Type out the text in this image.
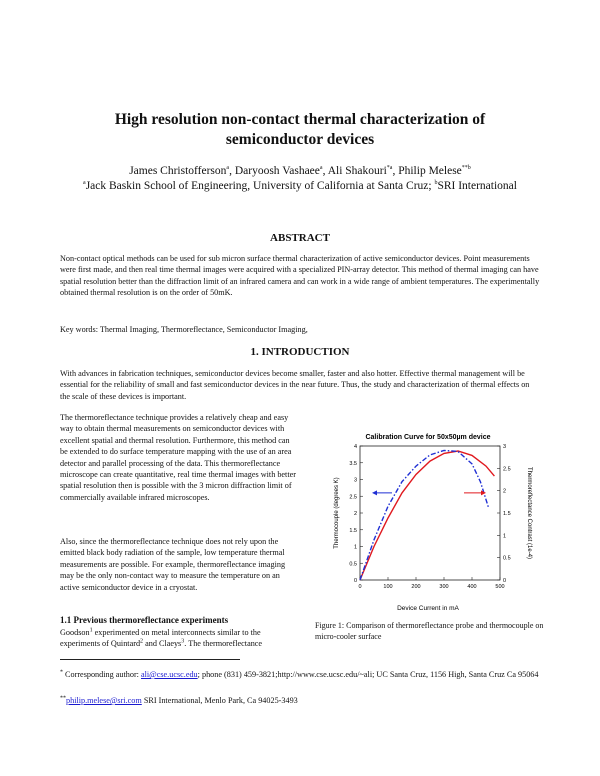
High resolution non-contact thermal characterization of
semiconductor devices
James Christofferson$^a$, Daryoosh Vashaee$^a$, Ali Shakouri$^{*a}$, Philip Melese$^{**b}$
$^a$Jack Baskin School of Engineering, University of California at Santa Cruz; $^b$SRI International
ABSTRACT
Non-contact optical methods can be used for sub micron surface thermal characterization of active semiconductor devices. Point measurements were first made, and then real time thermal images were acquired with a specialized PIN-array detector. This method of thermal imaging can have spatial resolution better than the diffraction limit of an infrared camera and can work in a wide range of ambient temperatures. The experimentally obtained thermal resolution is on the order of 50mK.
Key words: Thermal Imaging, Thermoreflectance, Semiconductor Imaging,
1. INTRODUCTION
With advances in fabrication techniques, semiconductor devices become smaller, faster and also hotter. Effective thermal management will be essential for the reliability of small and fast semiconductor devices in the near future. Thus, the study and characterization of thermal effects on the scale of these devices is important.
The thermoreflectance technique provides a relatively cheap and easy way to obtain thermal measurements on semiconductor devices with excellent spatial and thermal resolution. Furthermore, this method can be extended to do surface temperature mapping with the use of an area detector and parallel processing of the data. This thermoreflectance microscope can create quantitative, real time thermal images with better spatial resolution then is possible with the 3 micron diffraction limit of commercially available infrared microscopes.
Also, since the thermoreflectance technique does not rely upon the emitted black body radiation of the sample, low temperature thermal measurements are possible. For example, thermoreflectance imaging may be the only non-contact way to measure the temperature on an active semiconductor device in a cryostat.
1.1 Previous thermoreflectance experiments
Goodson$^1$ experimented on metal interconnects similar to the experiments of Quintard$^2$ and Claeys$^3$. The thermoreflectance
Calibration Curve for 50x50µm device
0
0.5
1
1.5
2
2.5
3
3.5
4
0
0.5
1
1.5
2
2.5
3
0	100	200	300	400	500
Device Current in mA
Thermocouple (degrees K)	Thermoreflectance Contrast (1e-4)
Figure 1: Comparison of thermoreflectance probe and thermocouple on micro-cooler surface
* Corresponding author: ali@cse.ucsc.edu; phone (831) 459-3821;http://www.cse.ucsc.edu/~ali; UC Santa Cruz, 1156 High, Santa Cruz Ca 95064
**philip.melese@sri.com SRI International, Menlo Park, Ca 94025-3493
